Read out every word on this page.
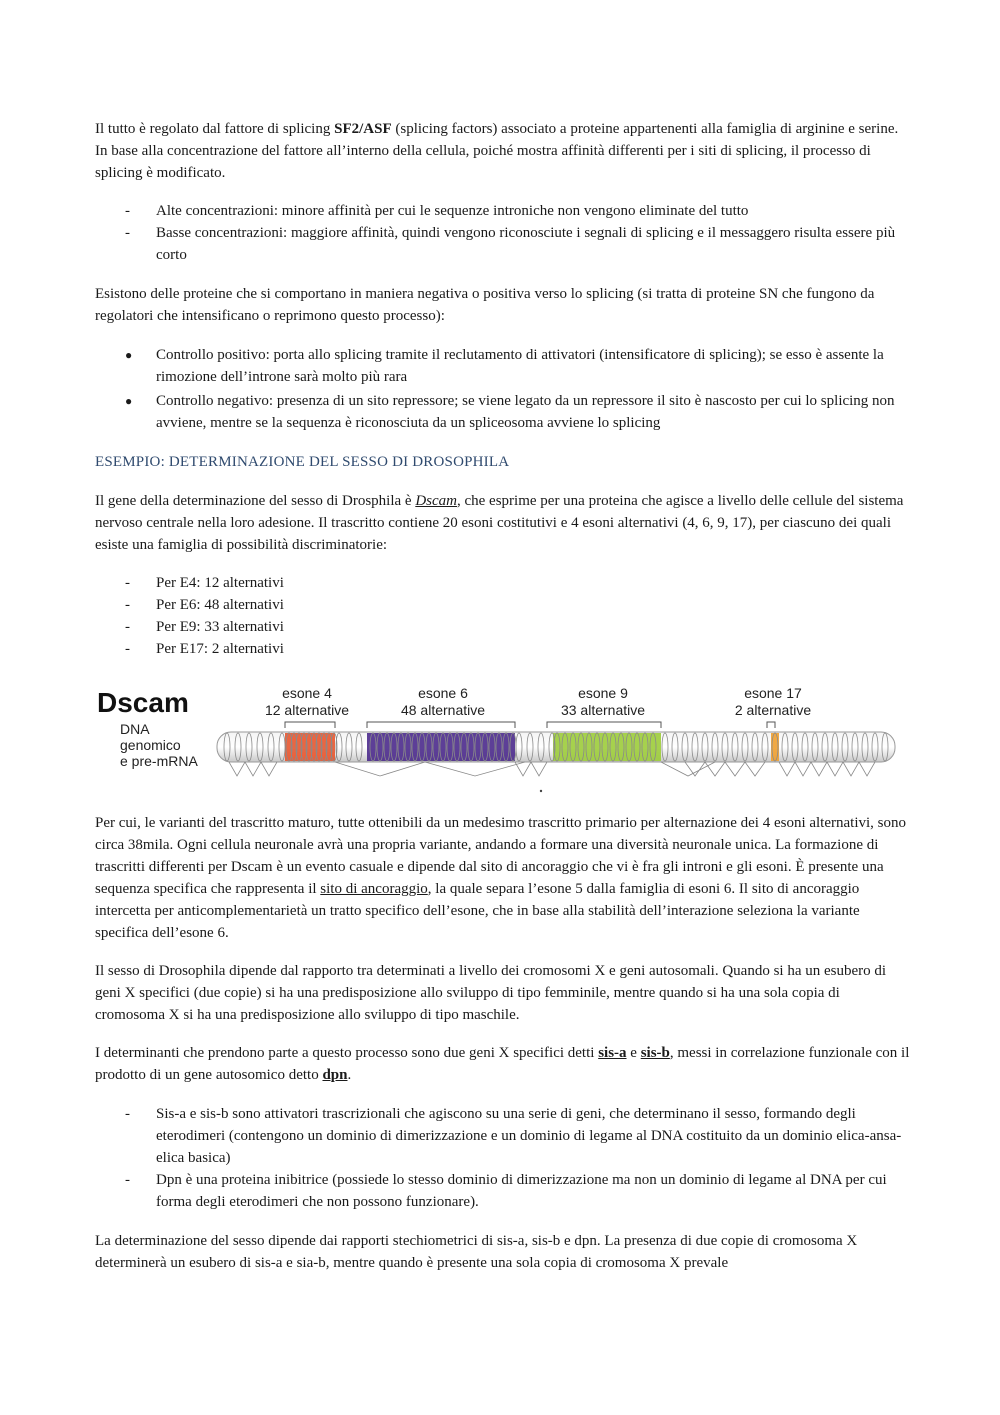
Il tutto è regolato dal fattore di splicing SF2/ASF (splicing factors) associato a proteine appartenenti alla famiglia di arginine e serine. In base alla concentrazione del fattore all’interno della cellula, poiché mostra affinità differenti per i siti di splicing, il processo di splicing è modificato.

- Alte concentrazioni: minore affinità per cui le sequenze introniche non vengono eliminate del tutto
- Basse concentrazioni: maggiore affinità, quindi vengono riconosciute i segnali di splicing e il messaggero risulta essere più corto

Esistono delle proteine che si comportano in maniera negativa o positiva verso lo splicing (si tratta di proteine SN che fungono da regolatori che intensificano o reprimono questo processo):

● Controllo positivo: porta allo splicing tramite il reclutamento di attivatori (intensificatore di splicing); se esso è assente la rimozione dell’introne sarà molto più rara
● Controllo negativo: presenza di un sito repressore; se viene legato da un repressore il sito è nascosto per cui lo splicing non avviene, mentre se la sequenza è riconosciuta da un spliceosoma avviene lo splicing

ESEMPIO: DETERMINAZIONE DEL SESSO DI DROSOPHILA

Il gene della determinazione del sesso di Drosphila è Dscam, che esprime per una proteina che agisce a livello delle cellule del sistema nervoso centrale nella loro adesione. Il trascritto contiene 20 esoni costitutivi e 4 esoni alternativi (4, 6, 9, 17), per ciascuno dei quali esiste una famiglia di possibilità discriminatorie:

- Per E4: 12 alternativi
- Per E6: 48 alternativi
- Per E9: 33 alternativi
- Per E17: 2 alternativi
Dscam
DNA
genomico
e pre-mRNA
esone 4
12 alternative
esone 6
48 alternative
esone 9
33 alternative
esone 17
2 alternative

Per cui, le varianti del trascritto maturo, tutte ottenibili da un medesimo trascritto primario per alternazione dei 4 esoni alternativi, sono circa 38mila. Ogni cellula neuronale avrà una propria variante, andando a formare una diversità neuronale unica. La formazione di trascritti differenti per Dscam è un evento casuale e dipende dal sito di ancoraggio che vi è fra gli introni e gli esoni. È presente una sequenza specifica che rappresenta il sito di ancoraggio, la quale separa l’esone 5 dalla famiglia di esoni 6. Il sito di ancoraggio intercetta per anticomplementarietà un tratto specifico dell’esone, che in base alla stabilità dell’interazione seleziona la variante specifica dell’esone 6.

Il sesso di Drosophila dipende dal rapporto tra determinati a livello dei cromosomi X e geni autosomali. Quando si ha un esubero di geni X specifici (due copie) si ha una predisposizione allo sviluppo di tipo femminile, mentre quando si ha una sola copia di cromosoma X si ha una predisposizione allo sviluppo di tipo maschile.

I determinanti che prendono parte a questo processo sono due geni X specifici detti sis-a e sis-b, messi in correlazione funzionale con il prodotto di un gene autosomico detto dpn.

- Sis-a e sis-b sono attivatori trascrizionali che agiscono su una serie di geni, che determinano il sesso, formando degli eterodimeri (contengono un dominio di dimerizzazione e un dominio di legame al DNA costituito da un dominio elica-ansa-elica basica)
- Dpn è una proteina inibitrice (possiede lo stesso dominio di dimerizzazione ma non un dominio di legame al DNA per cui forma degli eterodimeri che non possono funzionare).

La determinazione del sesso dipende dai rapporti stechiometrici di sis-a, sis-b e dpn. La presenza di due copie di cromosoma X determinerà un esubero di sis-a e sia-b, mentre quando è presente una sola copia di cromosoma X prevale
